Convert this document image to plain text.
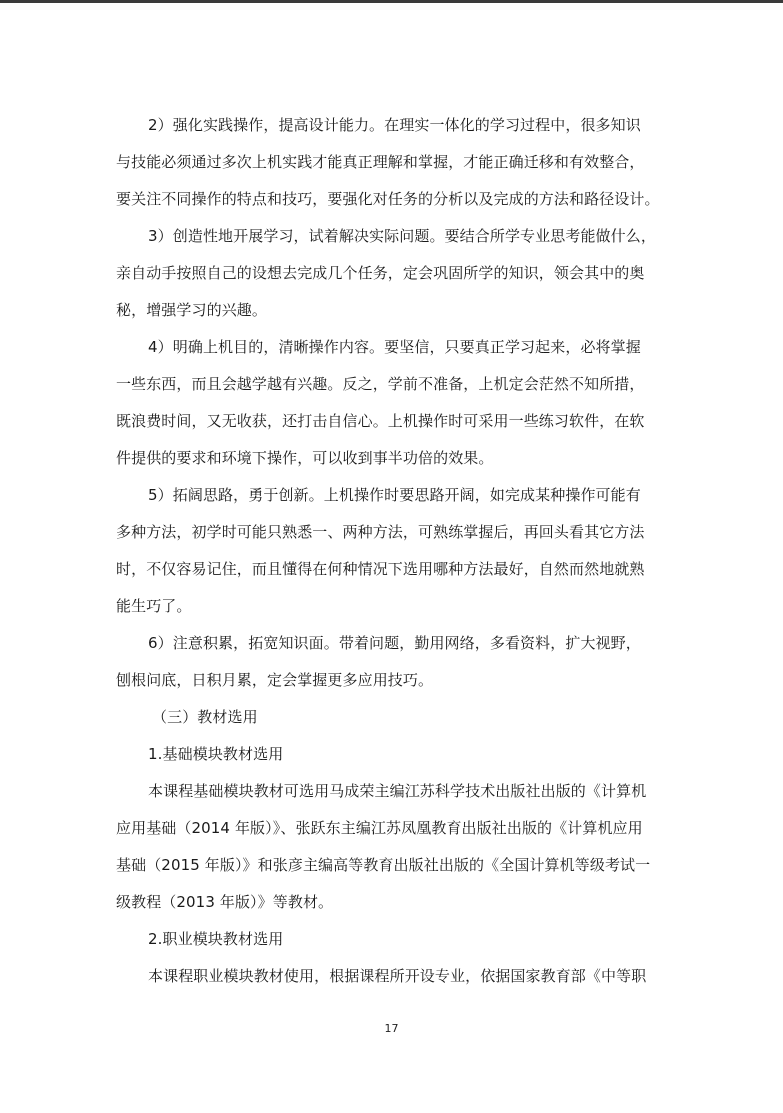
2）强化实践操作，提高设计能力。在理实一体化的学习过程中，很多知识
与技能必须通过多次上机实践才能真正理解和掌握，才能正确迁移和有效整合，
要关注不同操作的特点和技巧，要强化对任务的分析以及完成的方法和路径设计。
3）创造性地开展学习，试着解决实际问题。要结合所学专业思考能做什么，
亲自动手按照自己的设想去完成几个任务，定会巩固所学的知识，领会其中的奥
秘，增强学习的兴趣。
4）明确上机目的，清晰操作内容。要坚信，只要真正学习起来，必将掌握
一些东西，而且会越学越有兴趣。反之，学前不准备，上机定会茫然不知所措，
既浪费时间，又无收获，还打击自信心。上机操作时可采用一些练习软件，在软
件提供的要求和环境下操作，可以收到事半功倍的效果。
5）拓阔思路，勇于创新。上机操作时要思路开阔，如完成某种操作可能有
多种方法，初学时可能只熟悉一、两种方法，可熟练掌握后，再回头看其它方法
时，不仅容易记住，而且懂得在何种情况下选用哪种方法最好，自然而然地就熟
能生巧了。
6）注意积累，拓宽知识面。带着问题，勤用网络，多看资料，扩大视野，
刨根问底，日积月累，定会掌握更多应用技巧。
（三）教材选用
1.基础模块教材选用
本课程基础模块教材可选用马成荣主编江苏科学技术出版社出版的《计算机
应用基础（2014 年版）》、张跃东主编江苏凤凰教育出版社出版的《计算机应用
基础（2015 年版）》和张彦主编高等教育出版社出版的《全国计算机等级考试一
级教程（2013 年版）》等教材。
2.职业模块教材选用
本课程职业模块教材使用，根据课程所开设专业，依据国家教育部《中等职
17
